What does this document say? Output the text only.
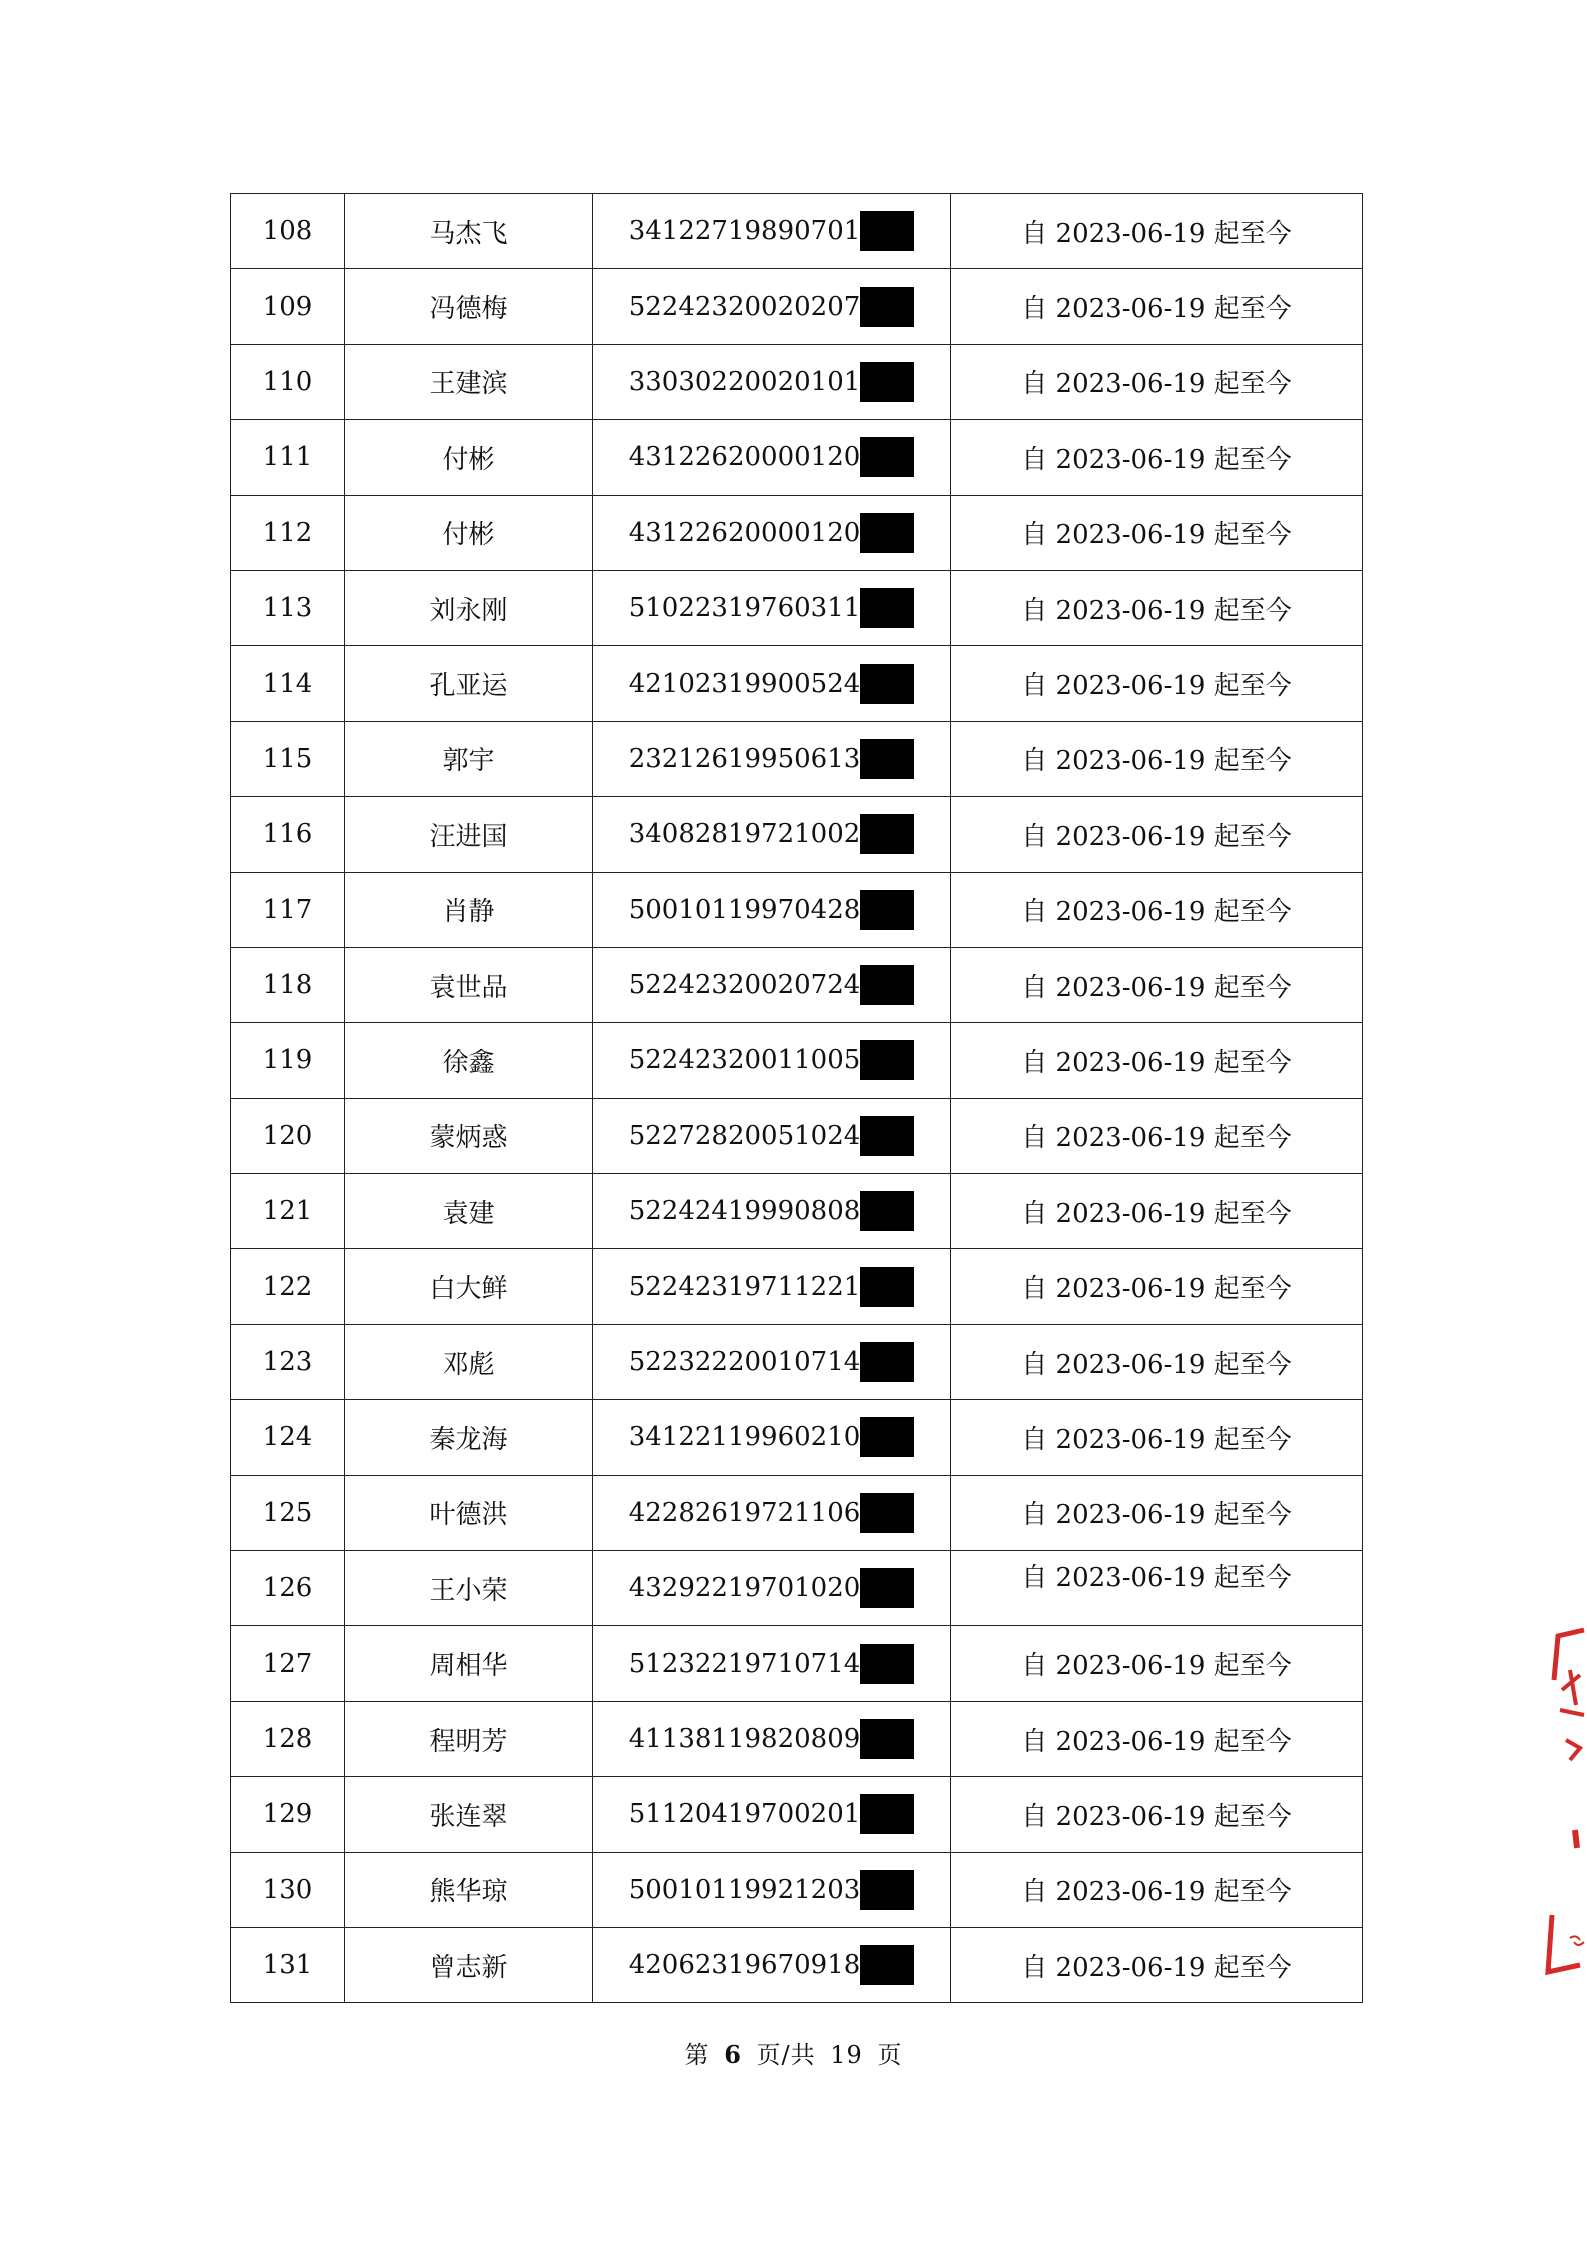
108	马杰飞	34122719890701	自 2023-06-19 起至今
109	冯德梅	52242320020207	自 2023-06-19 起至今
110	王建滨	33030220020101	自 2023-06-19 起至今
111	付彬	43122620000120	自 2023-06-19 起至今
112	付彬	43122620000120	自 2023-06-19 起至今
113	刘永刚	51022319760311	自 2023-06-19 起至今
114	孔亚运	42102319900524	自 2023-06-19 起至今
115	郭宇	23212619950613	自 2023-06-19 起至今
116	汪进国	34082819721002	自 2023-06-19 起至今
117	肖静	50010119970428	自 2023-06-19 起至今
118	袁世品	52242320020724	自 2023-06-19 起至今
119	徐鑫	52242320011005	自 2023-06-19 起至今
120	蒙炳惑	52272820051024	自 2023-06-19 起至今
121	袁建	52242419990808	自 2023-06-19 起至今
122	白大鲜	52242319711221	自 2023-06-19 起至今
123	邓彪	52232220010714	自 2023-06-19 起至今
124	秦龙海	34122119960210	自 2023-06-19 起至今
125	叶德洪	42282619721106	自 2023-06-19 起至今
126	王小荣	43292219701020	自 2023-06-19 起至今

127	周相华	51232219710714	自 2023-06-19 起至今
128	程明芳	41138119820809	自 2023-06-19 起至今
129	张连翠	51120419700201	自 2023-06-19 起至今
130	熊华琼	50010119921203	自 2023-06-19 起至今
131	曾志新	42062319670918	自 2023-06-19 起至今
第 6 页/共 19 页
